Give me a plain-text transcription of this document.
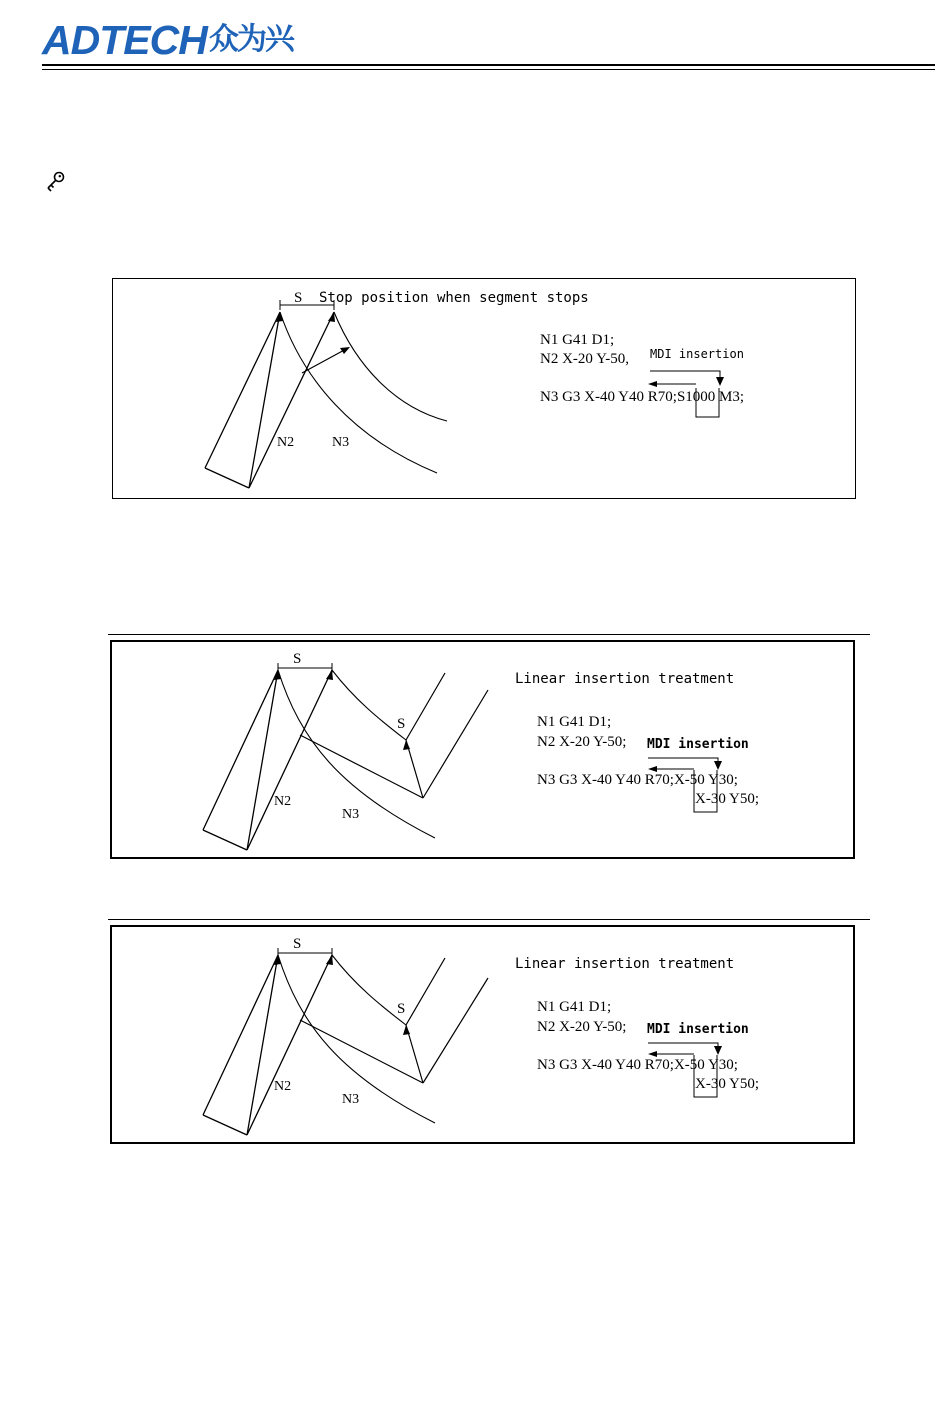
ADTECH 众为兴
S Stop position when segment stops
N2	N3
N1 G41 D1;
N2 X-20 Y-50, MDI insertion
N3 G3 X-40 Y40 R70;S1000 M3;
S
S
N2
N3
Linear insertion treatment
N1 G41 D1;
N2 X-20 Y-50; MDI insertion
N3 G3 X-40 Y40 R70;X-50 Y30;
X-30 Y50;
S
S
N2
N3
Linear insertion treatment
N1 G41 D1;
N2 X-20 Y-50; MDI insertion
N3 G3 X-40 Y40 R70;X-50 Y30;
X-30 Y50;
